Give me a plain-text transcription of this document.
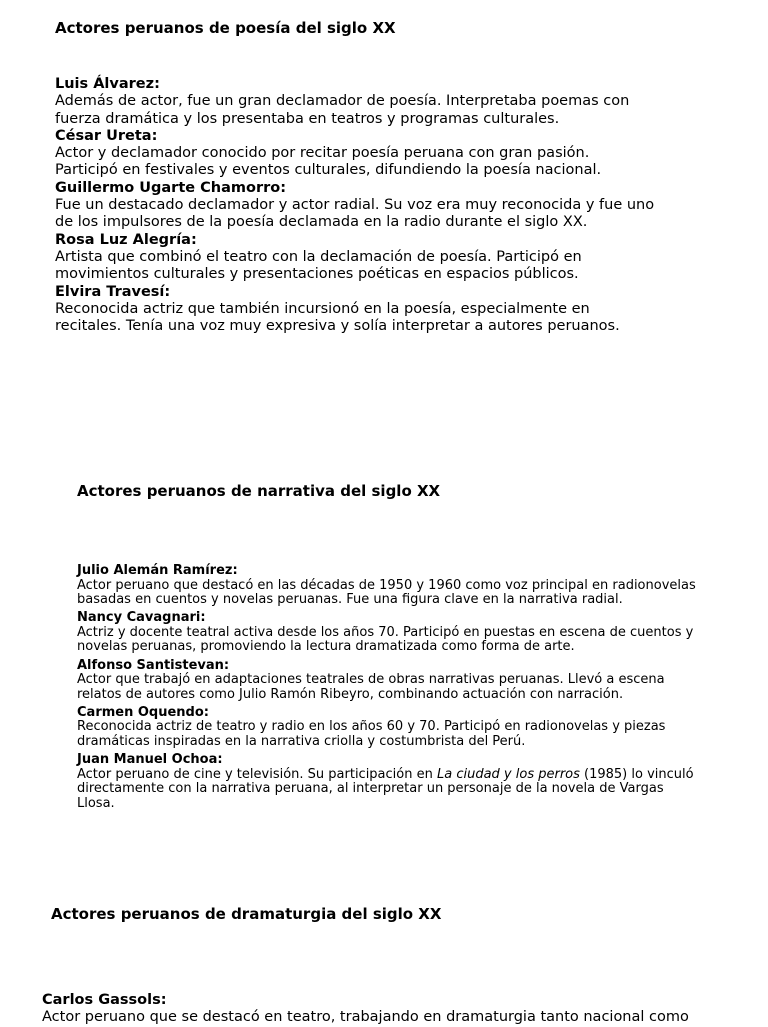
Actores peruanos de poesía del siglo XX
Luis Álvarez:
Además de actor, fue un gran declamador de poesía. Interpretaba poemas con fuerza dramática y los presentaba en teatros y programas culturales.
César Ureta:
Actor y declamador conocido por recitar poesía peruana con gran pasión. Participó en festivales y eventos culturales, difundiendo la poesía nacional.
Guillermo Ugarte Chamorro:
Fue un destacado declamador y actor radial. Su voz era muy reconocida y fue uno de los impulsores de la poesía declamada en la radio durante el siglo XX.
Rosa Luz Alegría:
Artista que combinó el teatro con la declamación de poesía. Participó en movimientos culturales y presentaciones poéticas en espacios públicos.
Elvira Travesí:
Reconocida actriz que también incursionó en la poesía, especialmente en recitales. Tenía una voz muy expresiva y solía interpretar a autores peruanos.
Actores peruanos de narrativa del siglo XX
Julio Alemán Ramírez:
Actor peruano que destacó en las décadas de 1950 y 1960 como voz principal en radionovelas basadas en cuentos y novelas peruanas. Fue una figura clave en la narrativa radial.
Nancy Cavagnari:
Actriz y docente teatral activa desde los años 70. Participó en puestas en escena de cuentos y novelas peruanas, promoviendo la lectura dramatizada como forma de arte.
Alfonso Santistevan:
Actor que trabajó en adaptaciones teatrales de obras narrativas peruanas. Llevó a escena relatos de autores como Julio Ramón Ribeyro, combinando actuación con narración.
Carmen Oquendo:
Reconocida actriz de teatro y radio en los años 60 y 70. Participó en radionovelas y piezas dramáticas inspiradas en la narrativa criolla y costumbrista del Perú.
Juan Manuel Ochoa:
Actor peruano de cine y televisión. Su participación en La ciudad y los perros (1985) lo vinculó directamente con la narrativa peruana, al interpretar un personaje de la novela de Vargas Llosa.
Actores peruanos de dramaturgia del siglo XX
Carlos Gassols:
Actor peruano que se destacó en teatro, trabajando en dramaturgia tanto nacional como
